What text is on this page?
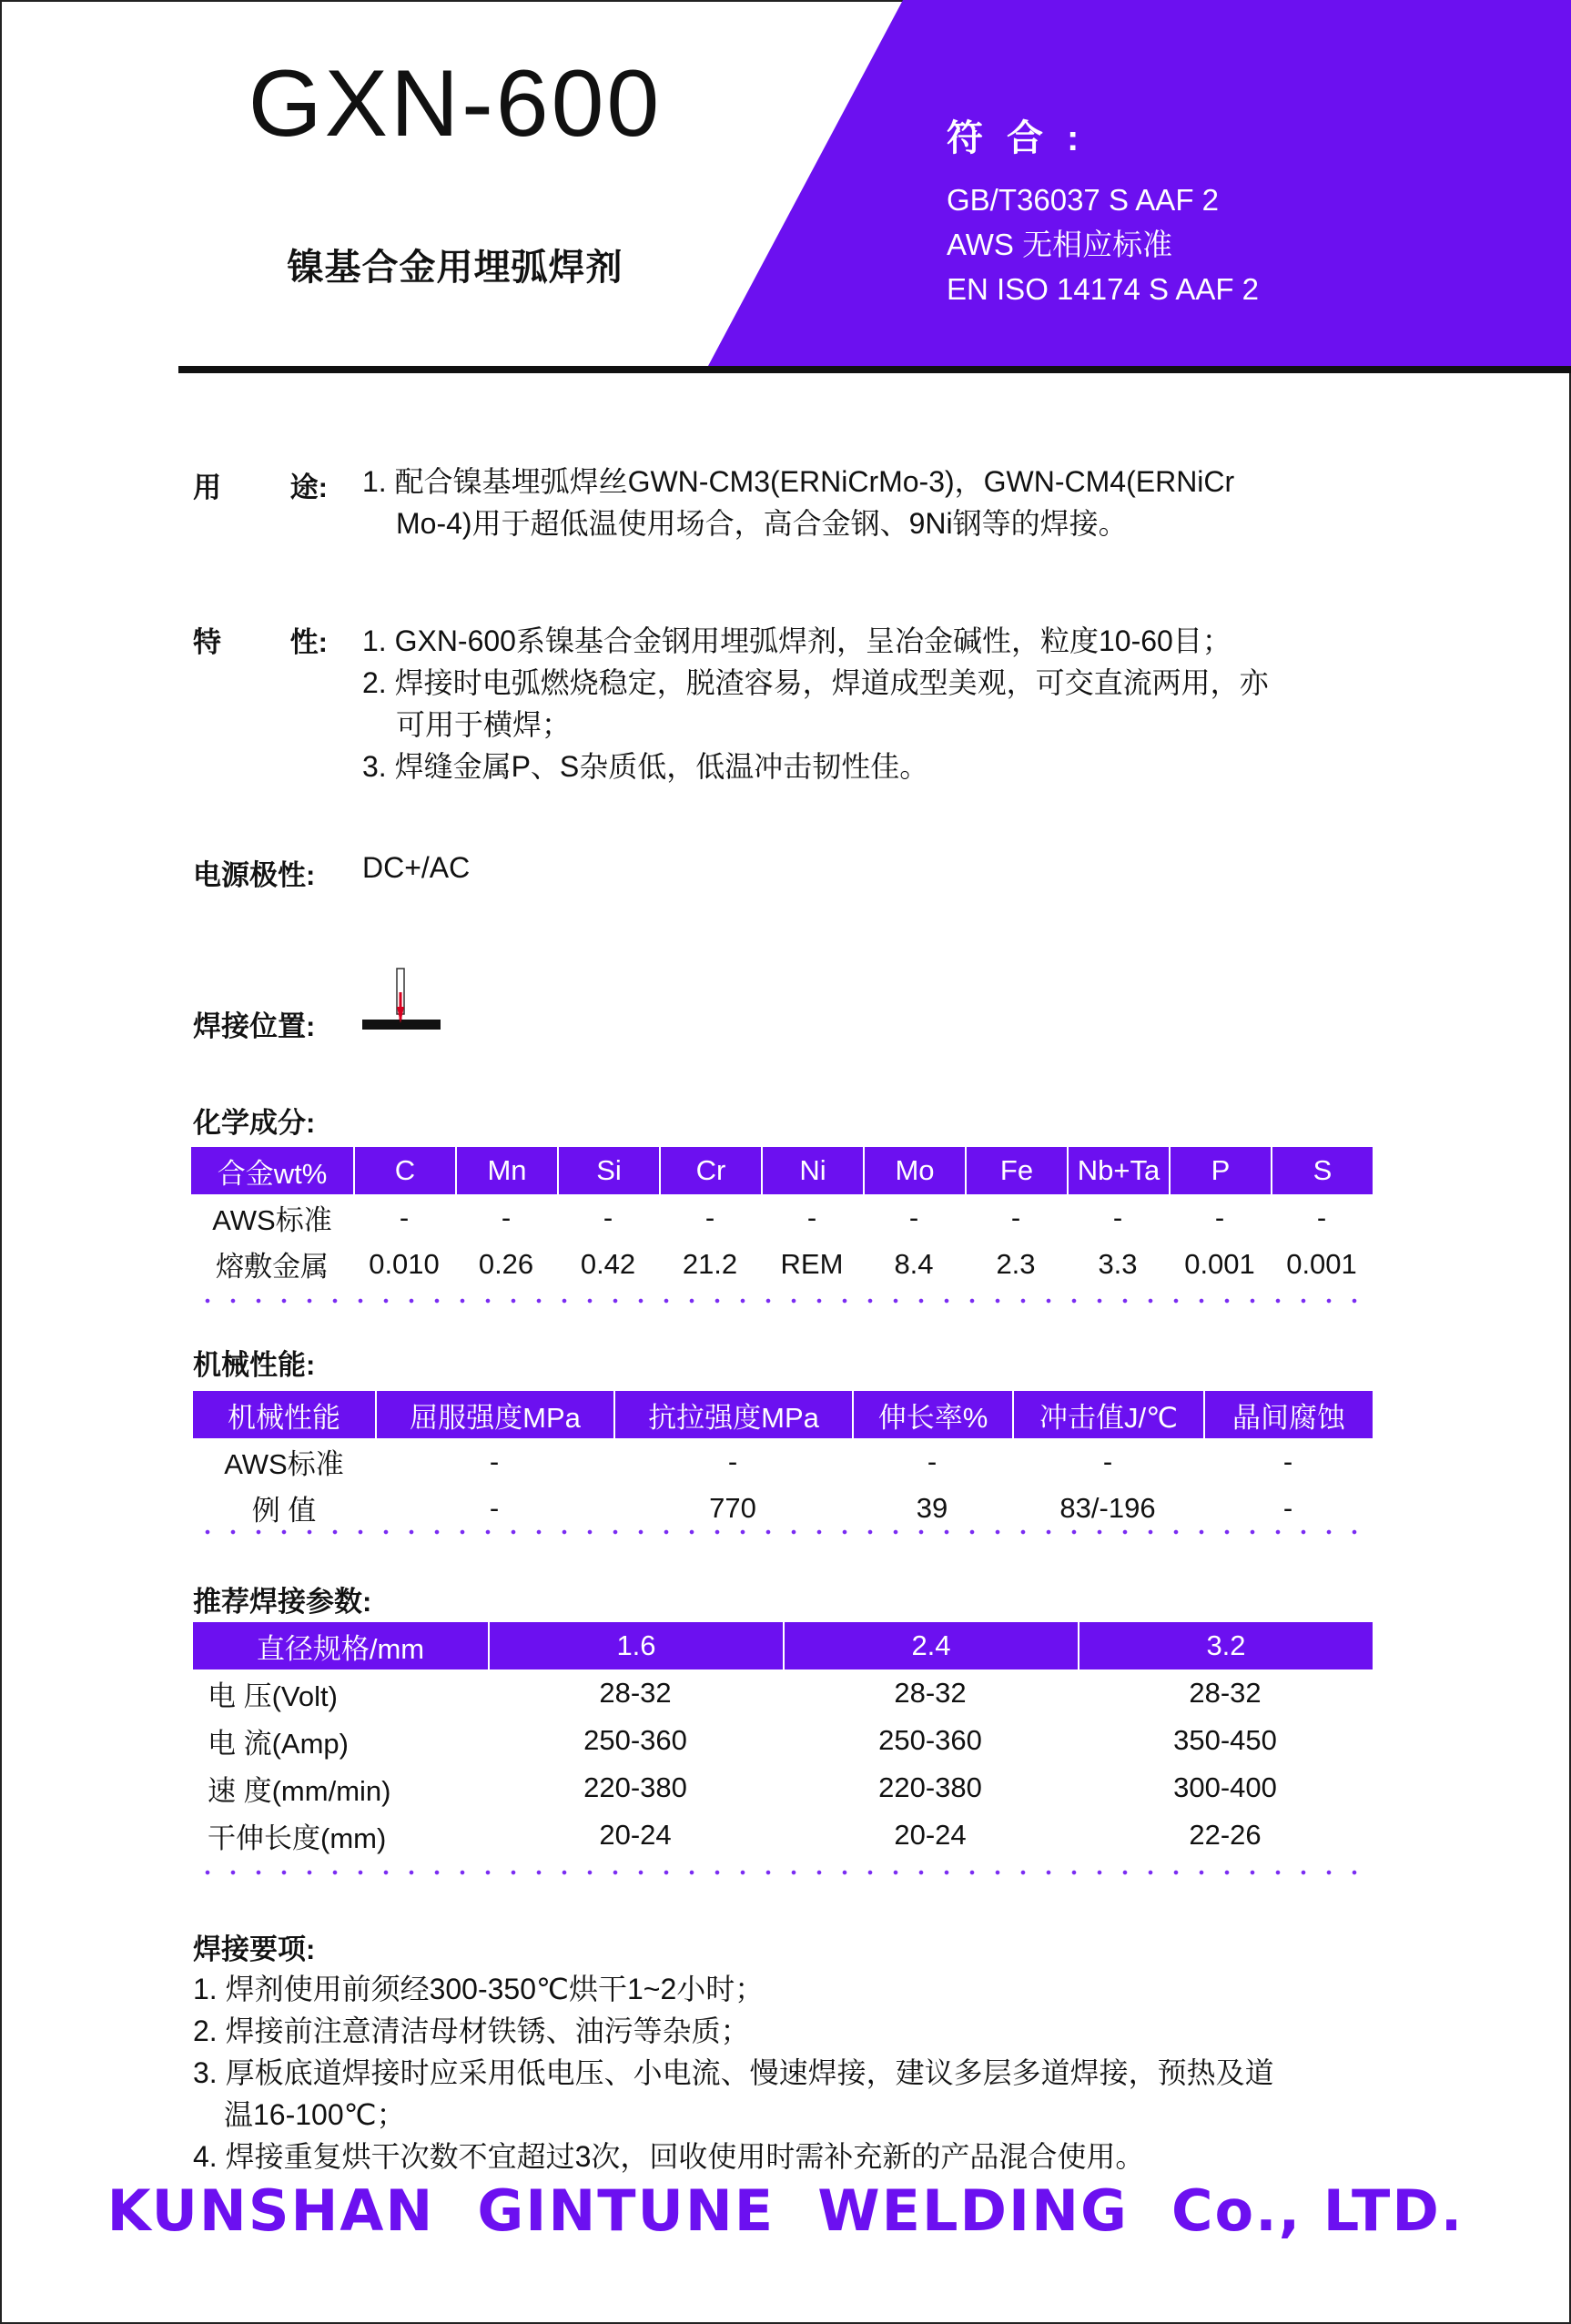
GXN-600
镍基合金用埋弧焊剂
符合:
GB/T36037 S AAF 2
AWS 无相应标准
EN ISO 14174 S AAF 2
用 途: 1. 配合镍基埋弧焊丝GWN-CM3(ERNiCrMo-3)，GWN-CM4(ERNiCr
Mo-4)用于超低温使用场合，高合金钢、9Ni钢等的焊接。
特 性: 1. GXN-600系镍基合金钢用埋弧焊剂，呈冶金碱性，粒度10-60目；
2. 焊接时电弧燃烧稳定，脱渣容易，焊道成型美观，可交直流两用，亦
可用于横焊；
3. 焊缝金属P、S杂质低，低温冲击韧性佳。
电源极性: DC+/AC
焊接位置:
化学成分:
合金wt%	C	Mn	Si	Cr	Ni	Mo	Fe	Nb+Ta	P	S
AWS标准	-	-	-	-	-	-	-	-	-	-
熔敷金属	0.010	0.26	0.42	21.2	REM	8.4	2.3	3.3	0.001	0.001
机械性能:
机械性能	屈服强度MPa	抗拉强度MPa	伸长率%	冲击值J/℃	晶间腐蚀
AWS标准	-	-	-	-	-
例 值	-	770	39	83/-196	-
推荐焊接参数:
直径规格/mm	1.6	2.4	3.2
电 压(Volt)	28-32	28-32	28-32
电 流(Amp)	250-360	250-360	350-450
速 度(mm/min)	220-380	220-380	300-400
干伸长度(mm)	20-24	20-24	22-26
焊接要项:
1. 焊剂使用前须经300-350℃烘干1~2小时；
2. 焊接前注意清洁母材铁锈、油污等杂质；
3. 厚板底道焊接时应采用低电压、小电流、慢速焊接，建议多层多道焊接，预热及道
温16-100℃；
4. 焊接重复烘干次数不宜超过3次，回收使用时需补充新的产品混合使用。
KUNSHAN  GINTUNE  WELDING  Co., LTD.
